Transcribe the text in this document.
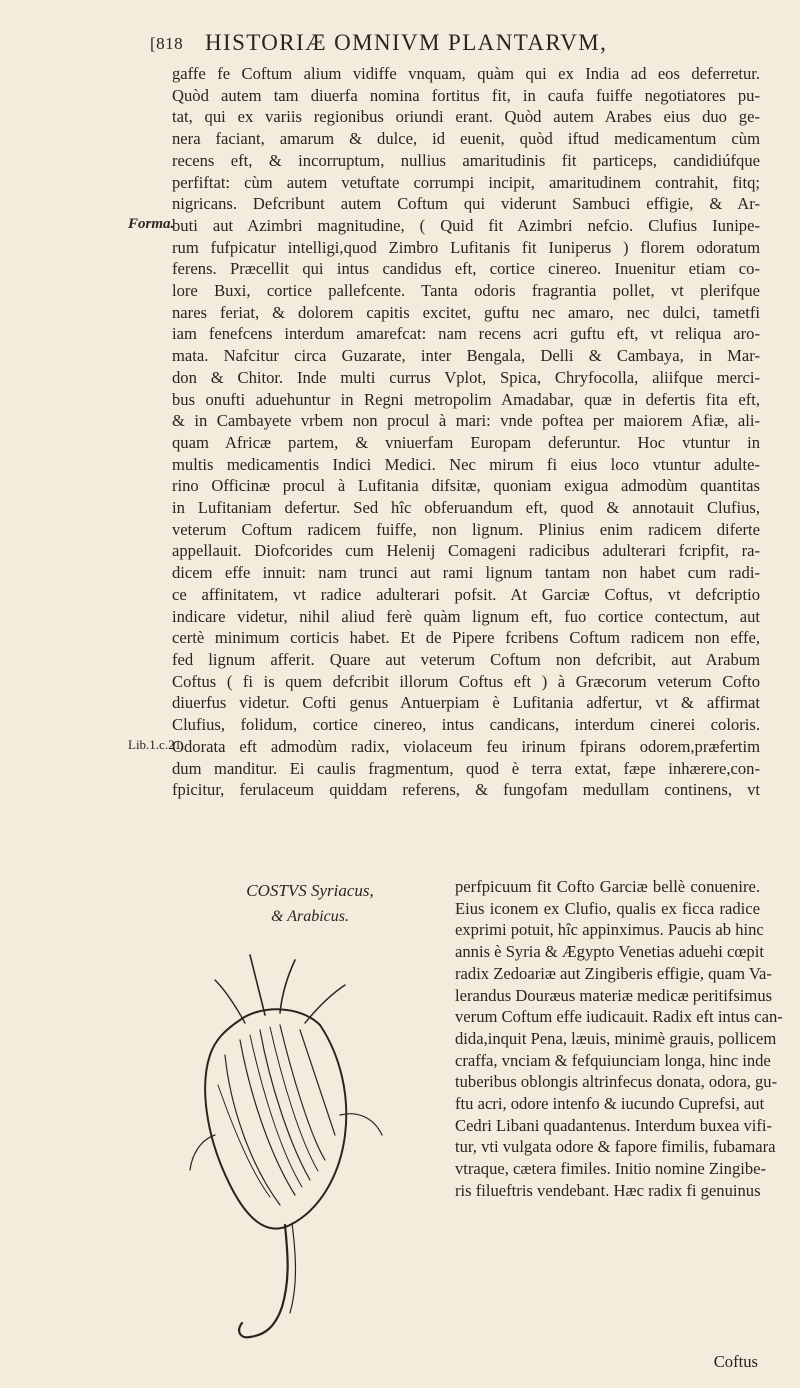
[818 HISTORIÆ OMNIVM PLANTARVM,
Forma.
Lib.1.c.21.
gaffe fe Coftum alium vidiffe vnquam, quàm qui ex India ad eos deferretur.
Quòd autem tam diuerfa nomina fortitus fit, in caufa fuiffe negotiatores pu-
tat, qui ex variis regionibus oriundi erant. Quòd autem Arabes eius duo ge-
nera faciant, amarum & dulce, id euenit, quòd iftud medicamentum cùm
recens eft, & incorruptum, nullius amaritudinis fit particeps, candidiúfque
perfiftat: cùm autem vetuftate corrumpi incipit, amaritudinem contrahit, fitq;
nigricans. Defcribunt autem Coftum qui viderunt Sambuci effigie, & Ar-
buti aut Azimbri magnitudine, ( Quid fit Azimbri nefcio. Clufius Iunipe-
rum fufpicatur intelligi,quod Zimbro Lufitanis fit Iuniperus ) florem odoratum
ferens. Præcellit qui intus candidus eft, cortice cinereo. Inuenitur etiam co-
lore Buxi, cortice pallefcente. Tanta odoris fragrantia pollet, vt plerifque
nares feriat, & dolorem capitis excitet, guftu nec amaro, nec dulci, tametfi
iam fenefcens interdum amarefcat: nam recens acri guftu eft, vt reliqua aro-
mata. Nafcitur circa Guzarate, inter Bengala, Delli & Cambaya, in Mar-
don & Chitor. Inde multi currus Vplot, Spica, Chryfocolla, aliifque merci-
bus onufti aduehuntur in Regni metropolim Amadabar, quæ in defertis fita eft,
& in Cambayete vrbem non procul à mari: vnde poftea per maiorem Afiæ, ali-
quam Africæ partem, & vniuerfam Europam deferuntur. Hoc vtuntur in
multis medicamentis Indici Medici. Nec mirum fi eius loco vtuntur adulte-
rino Officinæ procul à Lufitania difsitæ, quoniam exigua admodùm quantitas
in Lufitaniam defertur. Sed hîc obferuandum eft, quod & annotauit Clufius,
veterum Coftum radicem fuiffe, non lignum. Plinius enim radicem diferte
appellauit. Diofcorides cum Helenij Comageni radicibus adulterari fcripfit, ra-
dicem effe innuit: nam trunci aut rami lignum tantam non habet cum radi-
ce affinitatem, vt radice adulterari pofsit. At Garciæ Coftus, vt defcriptio
indicare videtur, nihil aliud ferè quàm lignum eft, fuo cortice contectum, aut
certè minimum corticis habet. Et de Pipere fcribens Coftum radicem non effe,
fed lignum afferit. Quare aut veterum Coftum non defcribit, aut Arabum
Coftus ( fi is quem defcribit illorum Coftus eft ) à Græcorum veterum Cofto
diuerfus videtur. Cofti genus Antuerpiam è Lufitania adfertur, vt & affirmat
Clufius, folidum, cortice cinereo, intus candicans, interdum cinerei coloris.
Odorata eft admodùm radix, violaceum feu irinum fpirans odorem,præfertim
dum manditur. Ei caulis fragmentum, quod è terra extat, fæpe inhærere,con-
fpicitur, ferulaceum quiddam referens, & fungofam medullam continens, vt
COSTVS Syriacus,
& Arabicus.
perfpicuum fit Cofto Garciæ bellè conuenire.
Eius iconem ex Clufio, qualis ex ficca radice
exprimi potuit, hîc appinximus. Paucis ab hinc
annis è Syria & Ægypto Venetias aduehi cœpit
radix Zedoariæ aut Zingiberis effigie, quam Va-
lerandus Douræus materiæ medicæ peritifsimus
verum Coftum effe iudicauit. Radix eft intus can-
dida,inquit Pena, læuis, minimè grauis, pollicem
craffa, vnciam & fefquiunciam longa, hinc inde
tuberibus oblongis altrinfecus donata, odora, gu-
ftu acri, odore intenfo & iucundo Cuprefsi, aut
Cedri Libani quadantenus. Interdum buxea vifi-
tur, vti vulgata odore & fapore fimilis, fubamara
vtraque, cætera fimiles. Initio nomine Zingibe-
ris filueftris vendebant. Hæc radix fi genuinus
Coftus
